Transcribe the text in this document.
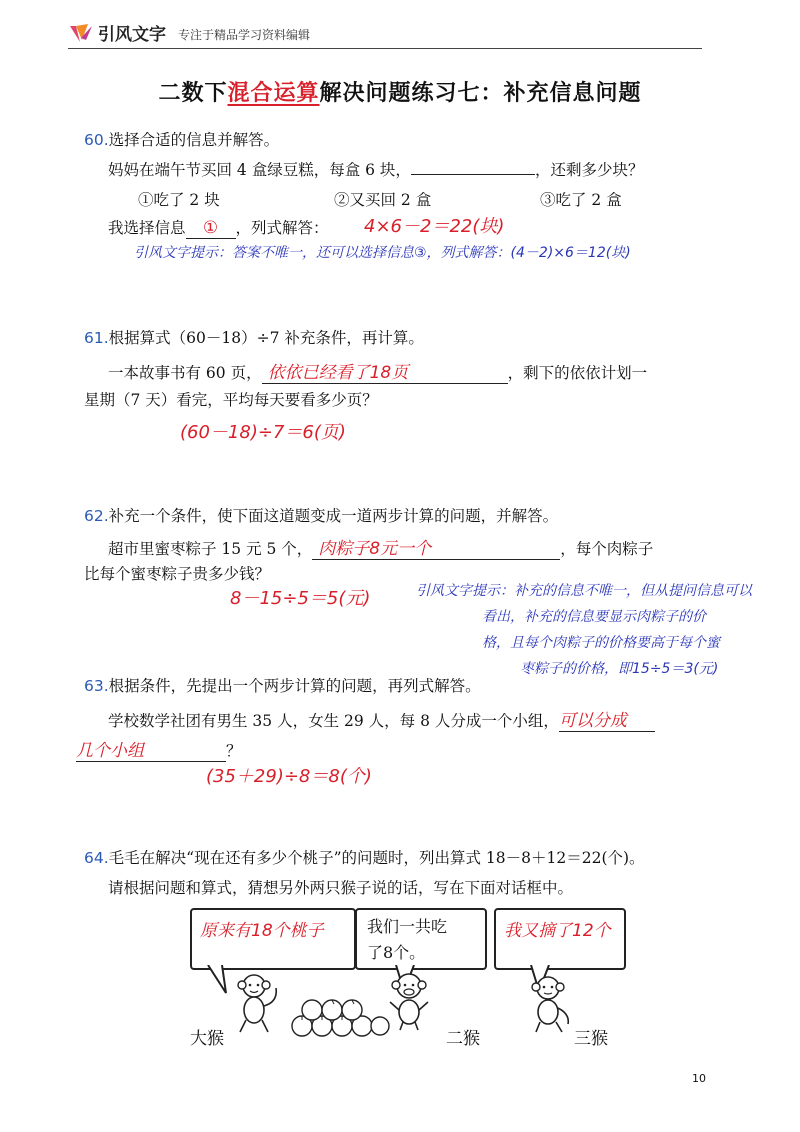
引风文字 专注于精品学习资料编辑
二数下混合运算解决问题练习七：补充信息问题
60.选择合适的信息并解答。
妈妈在端午节买回 4 盒绿豆糕，每盒 6 块，	，还剩多少块？
①吃了 2 块	②又买回 2 盒	③吃了 2 盒
我选择信息 ① ，列式解答： 4×6－2＝22(块)
引风文字提示：答案不唯一，还可以选择信息③，列式解答：(4－2)×6＝12(块)
61.根据算式（60－18）÷7 补充条件，再计算。
一本故事书有 60 页， 依依已经看了18页	，剩下的依依计划一
星期（7 天）看完，平均每天要看多少页？
(60－18)÷7＝6(页)
62.补充一个条件，使下面这道题变成一道两步计算的问题，并解答。
超市里蜜枣粽子 15 元 5 个， 肉粽子8元一个	，每个肉粽子
比每个蜜枣粽子贵多少钱？
8－15÷5＝5(元)	引风文字提示：补充的信息不唯一，但从提问信息可以
看出，补充的信息要显示肉粽子的价
格，且每个肉粽子的价格要高于每个蜜
枣粽子的价格，即15÷5＝3(元)
63.根据条件，先提出一个两步计算的问题，再列式解答。
学校数学社团有男生 35 人，女生 29 人，每 8 人分成一个小组，可以分成
几个小组	？
(35＋29)÷8＝8(个)
64.毛毛在解决“现在还有多少个桃子”的问题时，列出算式 18－8＋12＝22(个)。
请根据问题和算式，猜想另外两只猴子说的话，写在下面对话框中。
原来有18个桃子	我们一共吃
了8个。
我又摘了12个
大猴	二猴	三猴
10
